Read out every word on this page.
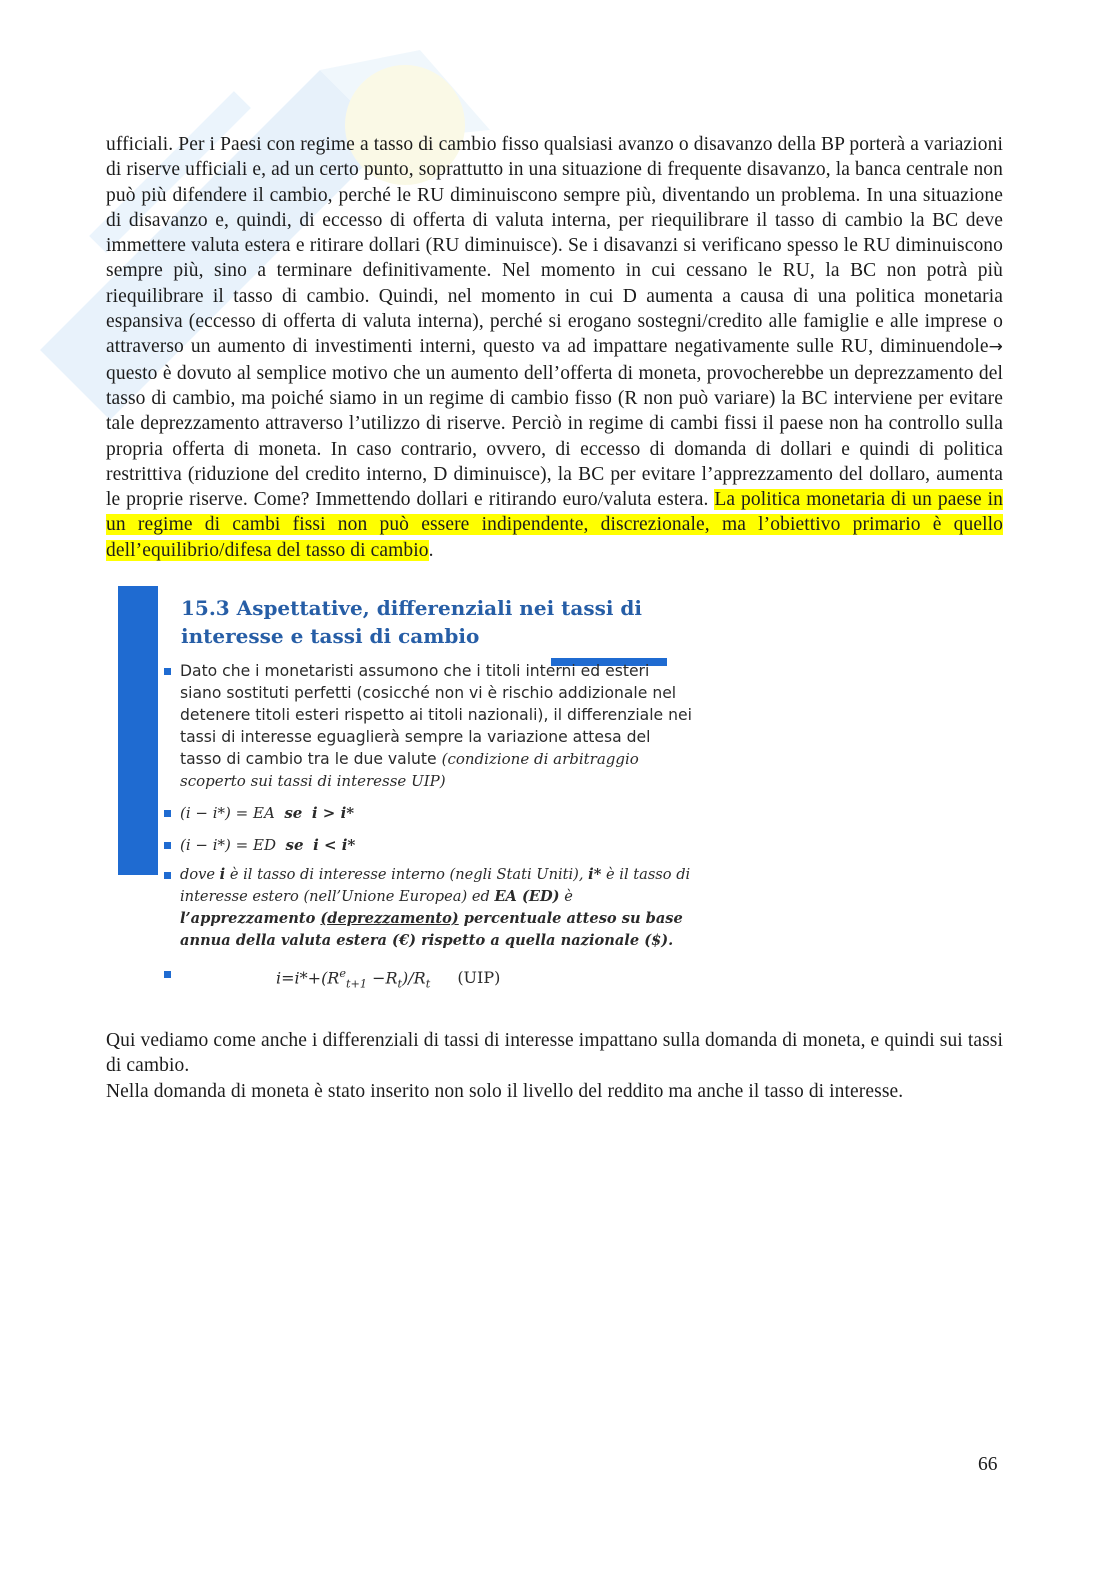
ufficiali. Per i Paesi con regime a tasso di cambio fisso qualsiasi avanzo o disavanzo della BP porterà a variazioni di riserve ufficiali e, ad un certo punto, soprattutto in una situazione di frequente disavanzo, la banca centrale non può più difendere il cambio, perché le RU diminuiscono sempre più, diventando un problema. In una situazione di disavanzo e, quindi, di eccesso di offerta di valuta interna, per riequilibrare il tasso di cambio la BC deve immettere valuta estera e ritirare dollari (RU diminuisce). Se i disavanzi si verificano spesso le RU diminuiscono sempre più, sino a terminare definitivamente. Nel momento in cui cessano le RU, la BC non potrà più riequilibrare il tasso di cambio. Quindi, nel momento in cui D aumenta a causa di una politica monetaria espansiva (eccesso di offerta di valuta interna), perché si erogano sostegni/credito alle famiglie e alle imprese o attraverso un aumento di investimenti interni, questo va ad impattare negativamente sulle RU, diminuendole→ questo è dovuto al semplice motivo che un aumento dell’offerta di moneta, provocherebbe un deprezzamento del tasso di cambio, ma poiché siamo in un regime di cambio fisso (R non può variare) la BC interviene per evitare tale deprezzamento attraverso l’utilizzo di riserve. Perciò in regime di cambi fissi il paese non ha controllo sulla propria offerta di moneta. In caso contrario, ovvero, di eccesso di domanda di dollari e quindi di politica restrittiva (riduzione del credito interno, D diminuisce), la BC per evitare l’apprezzamento del dollaro, aumenta le proprie riserve. Come? Immettendo dollari e ritirando euro/valuta estera. La politica monetaria di un paese in un regime di cambi fissi non può essere indipendente, discrezionale, ma l’obiettivo primario è quello dell’equilibrio/difesa del tasso di cambio.

15.3 Aspettative, differenziali nei tassi di
interesse e tassi di cambio
Dato che i monetaristi assumono che i titoli interni ed esteri siano sostituti perfetti (cosicché non vi è rischio addizionale nel detenere titoli esteri rispetto ai titoli nazionali), il differenziale nei tassi di interesse eguaglierà sempre la variazione attesa del tasso di cambio tra le due valute (condizione di arbitraggio scoperto sui tassi di interesse UIP)
(i − i*) = EA se i > i*
(i − i*) = ED se i < i*
dove i è il tasso di interesse interno (negli Stati Uniti), i* è il tasso di interesse estero (nell’Unione Europea) ed EA (ED) è l’apprezzamento (deprezzamento) percentuale atteso su base annua della valuta estera (€) rispetto a quella nazionale ($).
$i=i*+(R^e_{t+1} -R_t)/R_t$ (UIP)

Qui vediamo come anche i differenziali di tassi di interesse impattano sulla domanda di moneta, e quindi sui tassi di cambio.

Nella domanda di moneta è stato inserito non solo il livello del reddito ma anche il tasso di interesse.

66
